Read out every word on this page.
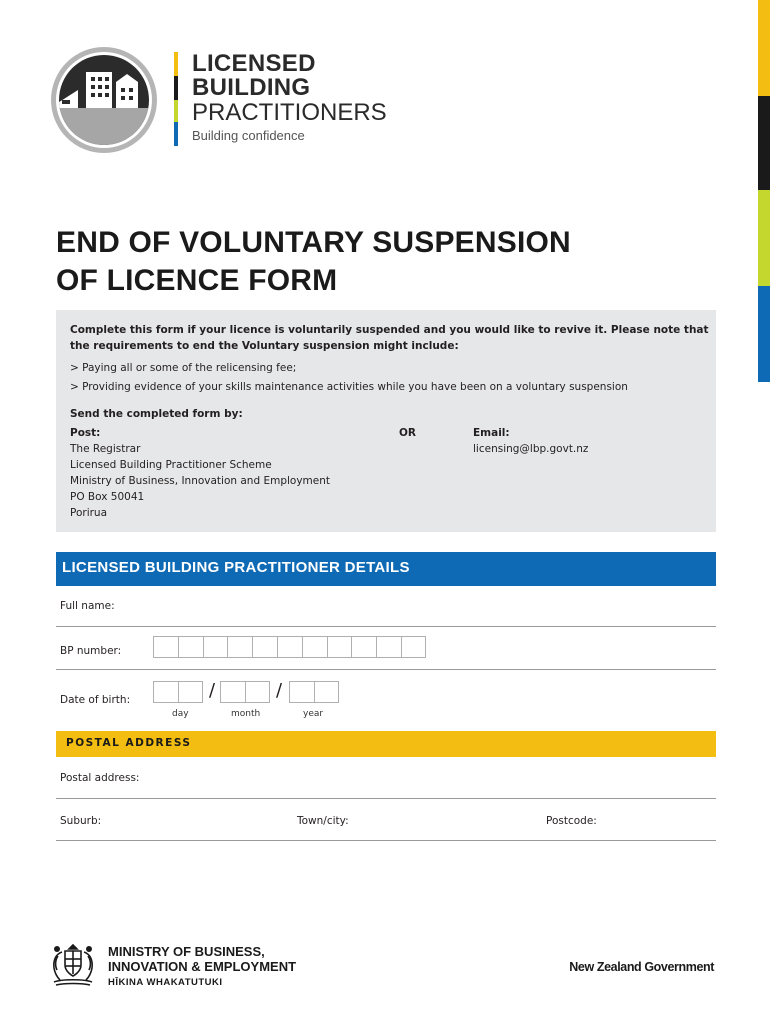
LICENSED
BUILDING
PRACTITIONERS
Building confidence
END OF VOLUNTARY SUSPENSION
OF LICENCE FORM
Complete this form if your licence is voluntarily suspended and you would like to revive it. Please note that
the requirements to end the Voluntary suspension might include:
> Paying all or some of the relicensing fee;
> Providing evidence of your skills maintenance activities while you have been on a voluntary suspension
Send the completed form by:
Post:	OR	Email:
The Registrar
Licensed Building Practitioner Scheme
Ministry of Business, Innovation and Employment
PO Box 50041
Porirua
licensing@lbp.govt.nz
LICENSED BUILDING PRACTITIONER DETAILS
Full name:
BP number:
Date of birth:	/	/
day	month	year
POSTAL ADDRESS
Postal address:
Suburb:	Town/city:	Postcode:
MINISTRY OF BUSINESS,
INNOVATION & EMPLOYMENT
HĪKINA WHAKATUTUKI
New Zealand Government
